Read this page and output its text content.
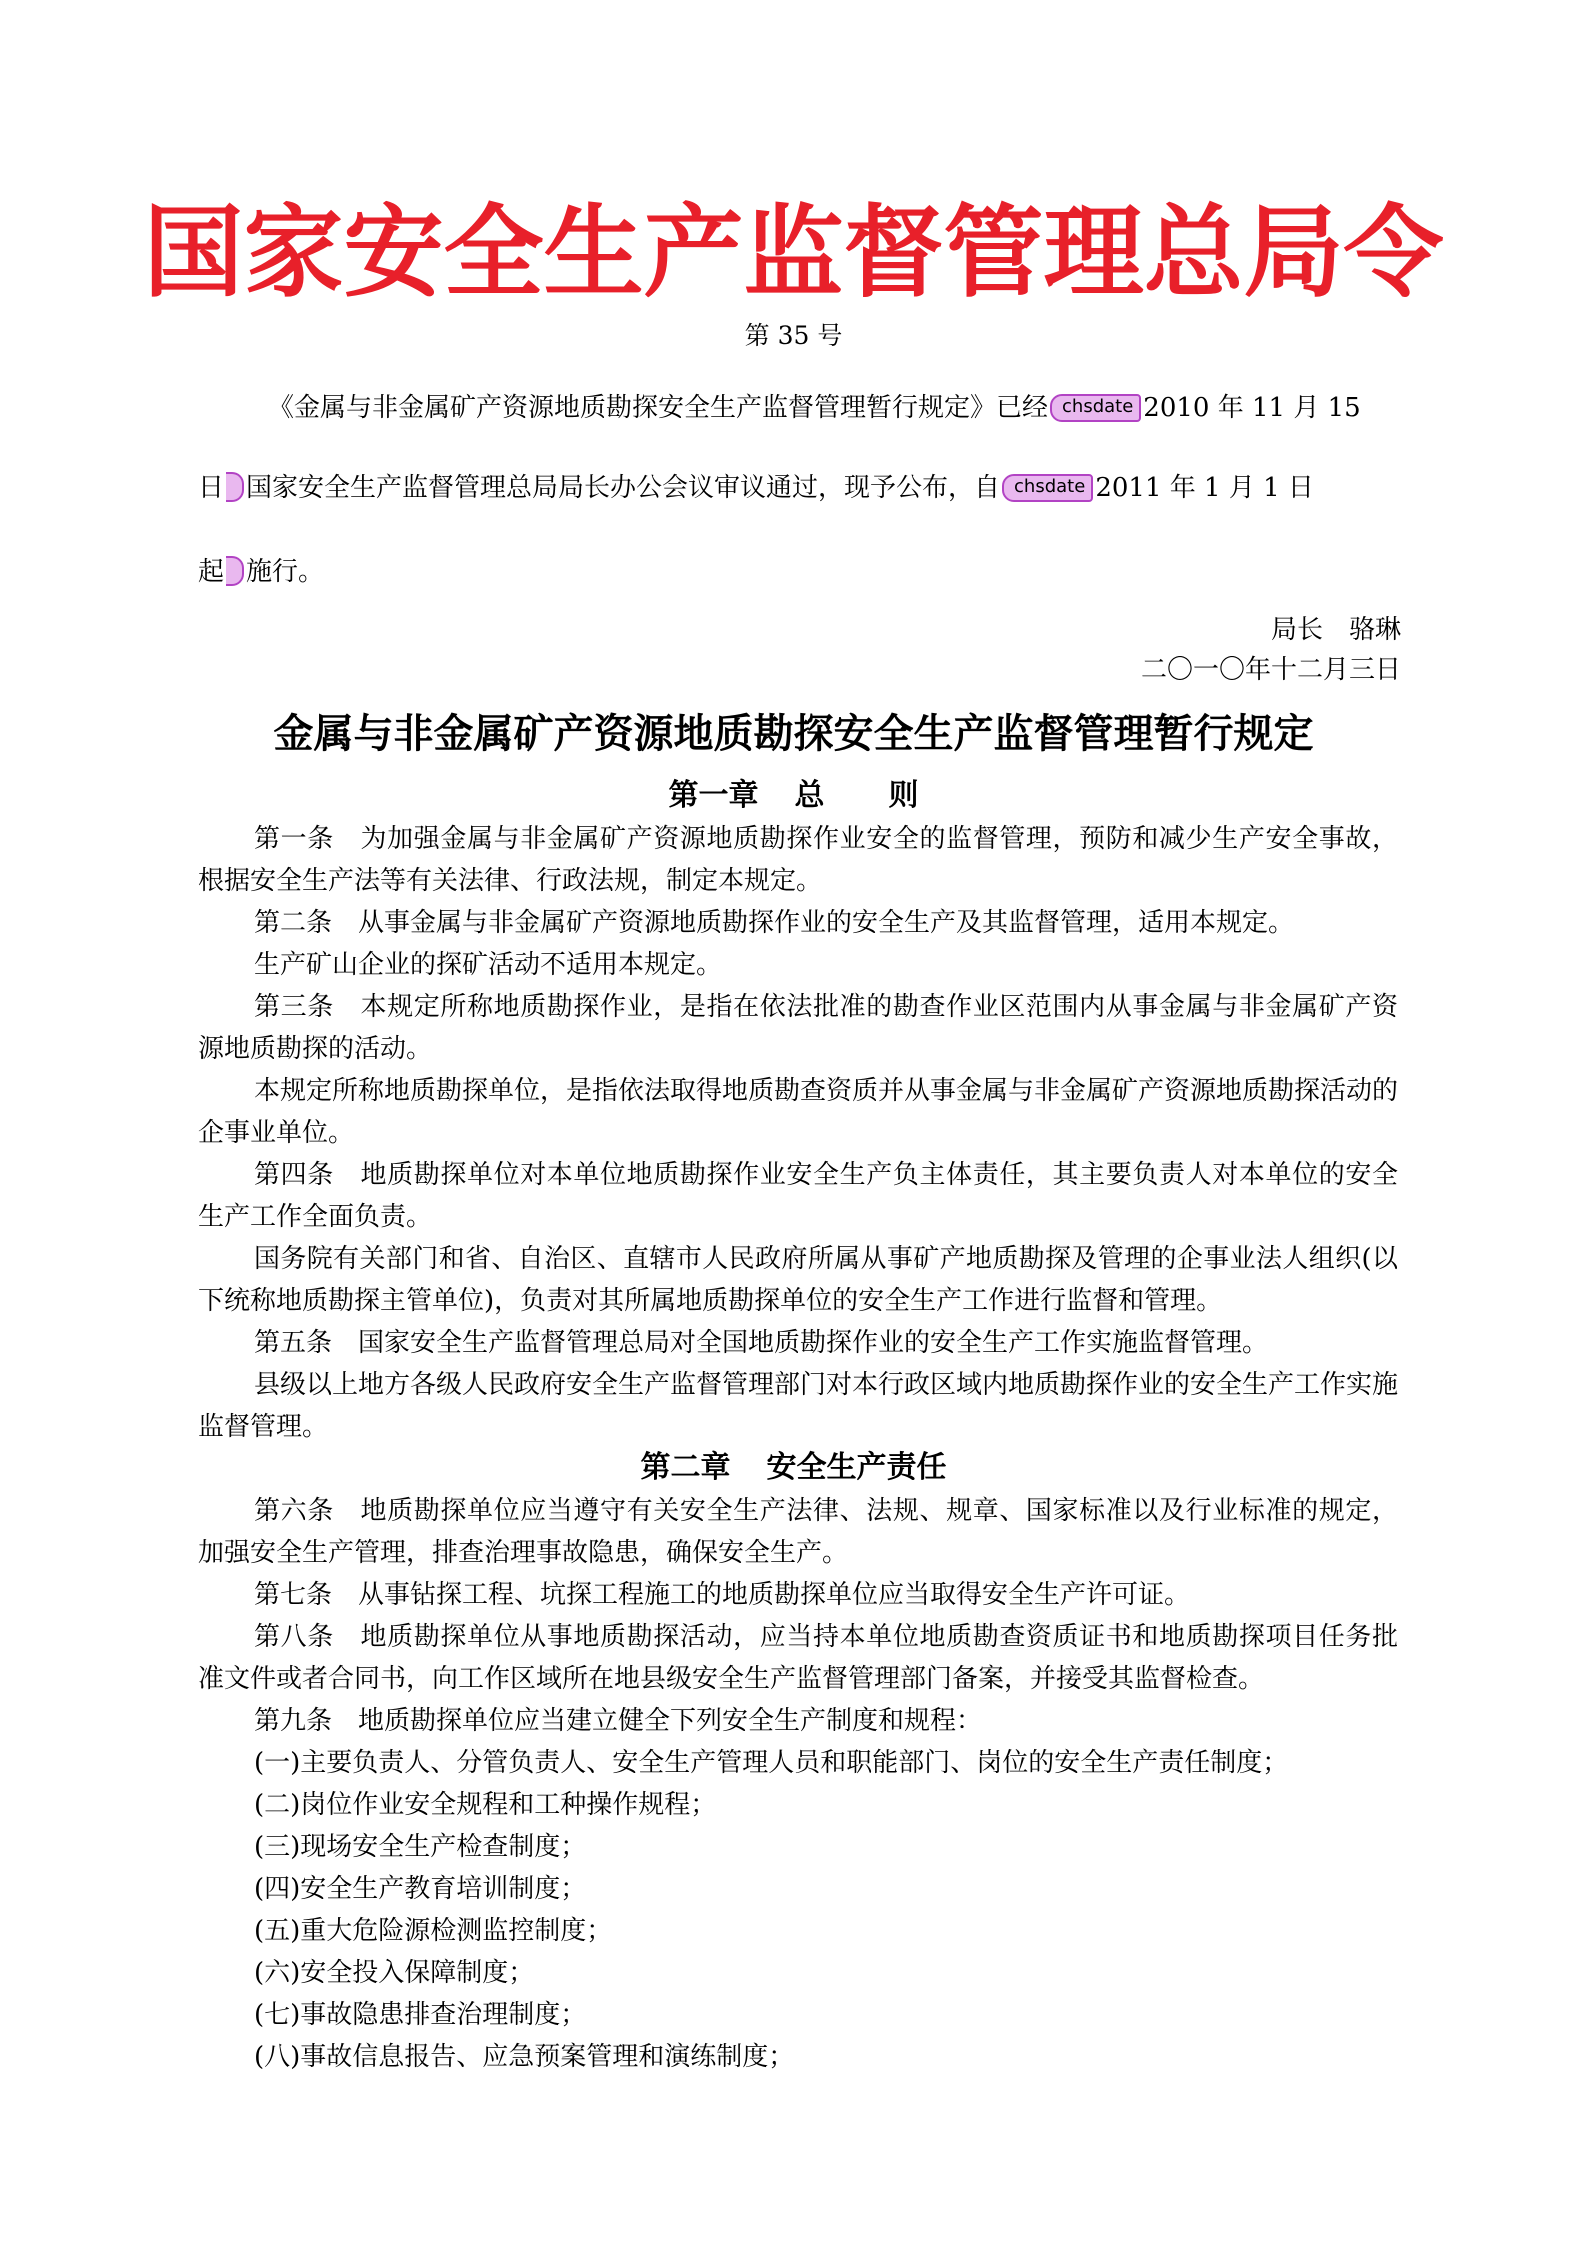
国家安全生产监督管理总局令
第 35 号
《金属与非金属矿产资源地质勘探安全生产监督管理暂行规定》已经 chsdate 2010 年 11 月 15
日 国家安全生产监督管理总局局长办公会议审议通过，现予公布，自 chsdate 2011 年 1 月 1 日
起 施行。
局长　骆琳
二〇一〇年十二月三日
金属与非金属矿产资源地质勘探安全生产监督管理暂行规定
第一章 总 则

第一条 为加强金属与非金属矿产资源地质勘探作业安全的监督管理，预防和减少生产安全事故，根据安全生产法等有关法律、行政法规，制定本规定。

第二条 从事金属与非金属矿产资源地质勘探作业的安全生产及其监督管理，适用本规定。

生产矿山企业的探矿活动不适用本规定。

第三条 本规定所称地质勘探作业，是指在依法批准的勘查作业区范围内从事金属与非金属矿产资源地质勘探的活动。

本规定所称地质勘探单位，是指依法取得地质勘查资质并从事金属与非金属矿产资源地质勘探活动的企事业单位。

第四条 地质勘探单位对本单位地质勘探作业安全生产负主体责任，其主要负责人对本单位的安全生产工作全面负责。

国务院有关部门和省、自治区、直辖市人民政府所属从事矿产地质勘探及管理的企事业法人组织(以下统称地质勘探主管单位)，负责对其所属地质勘探单位的安全生产工作进行监督和管理。

第五条 国家安全生产监督管理总局对全国地质勘探作业的安全生产工作实施监督管理。

县级以上地方各级人民政府安全生产监督管理部门对本行政区域内地质勘探作业的安全生产工作实施监督管理。

第二章 安全生产责任

第六条 地质勘探单位应当遵守有关安全生产法律、法规、规章、国家标准以及行业标准的规定，加强安全生产管理，排查治理事故隐患，确保安全生产。

第七条 从事钻探工程、坑探工程施工的地质勘探单位应当取得安全生产许可证。

第八条 地质勘探单位从事地质勘探活动，应当持本单位地质勘查资质证书和地质勘探项目任务批准文件或者合同书，向工作区域所在地县级安全生产监督管理部门备案，并接受其监督检查。

第九条 地质勘探单位应当建立健全下列安全生产制度和规程：

(一)主要负责人、分管负责人、安全生产管理人员和职能部门、岗位的安全生产责任制度；

(二)岗位作业安全规程和工种操作规程；

(三)现场安全生产检查制度；

(四)安全生产教育培训制度；

(五)重大危险源检测监控制度；

(六)安全投入保障制度；

(七)事故隐患排查治理制度；

(八)事故信息报告、应急预案管理和演练制度；
